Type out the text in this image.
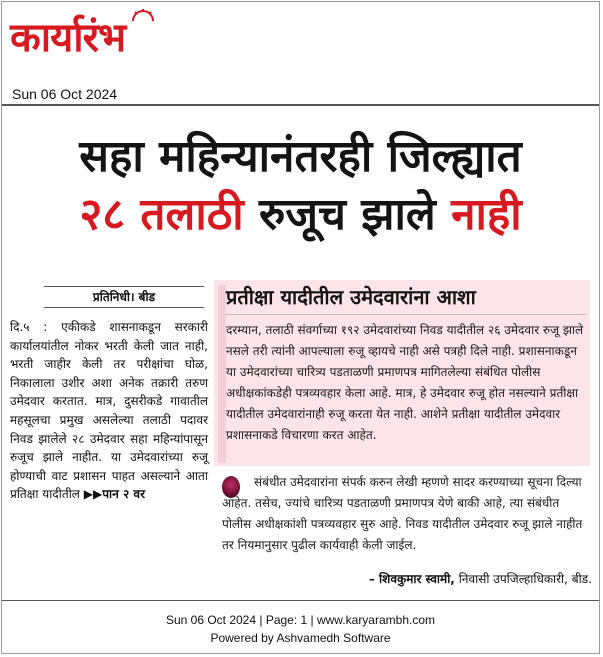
कार्यारंभ
Sun 06 Oct 2024
सहा महिन्यानंतरही जिल्ह्यात
२८ तलाठी रुजूच झाले नाही
प्रतिनिधी। बीड
दि.५ : एकीकडे शासनाकडून सरकारी कार्यालयांतील नोकर भरती केली जात नाही, भरती जाहीर केली तर परीक्षांचा घोळ, निकालाला उशीर अशा अनेक तक्रारी तरुण उमेदवार करतात. मात्र, दुसरीकडे गावातील महसूलचा प्रमुख असलेल्या तलाठी पदावर निवड झालेले २८ उमेदवार सहा महिन्यांपासून रुजूच झाले नाहीत. या उमेदवारांच्या रुजू होण्याची वाट प्रशासन पाहत असल्याने आता प्रतिक्षा यादीतील ▶▶पान २ वर
प्रतीक्षा यादीतील उमेदवारांना आशा
दरम्यान, तलाठी संवर्गाच्या १९२ उमेदवारांच्या निवड यादीतील २६ उमेदवार रुजू झाले नसले तरी त्यांनी आपल्याला रुजू व्हायचे नाही असे पत्रही दिले नाही. प्रशासनाकडून या उमेदवारांच्या चारित्र्य पडताळणी प्रमाणपत्र मागितलेल्या संबंधित पोलीस अधीक्षकांकडेही पत्रव्यवहार केला आहे. मात्र, हे उमेदवार रुजू होत नसल्याने प्रतीक्षा यादीतील उमेदवारांनाही रुजू करता येत नाही. आशेने प्रतीक्षा यादीतील उमेदवार प्रशासनाकडे विचारणा करत आहेत.
संबंधीत उमेदवारांना संपर्क करुन लेखी म्हणणे सादर करण्याच्या सूचना दिल्या आहेत. तसेच, ज्यांचे चारित्र्य पडताळणी प्रमाणपत्र येणे बाकी आहे, त्या संबंधीत पोलीस अधीक्षकांशी पत्रव्यवहार सुरु आहे. निवड यादीतील उमेदवार रुजू झाले नाहीत तर नियमानुसार पुढील कार्यवाही केली जाईल.
– शिवकुमार स्वामी, निवासी उपजिल्हाधिकारी, बीड.
Sun 06 Oct 2024 | Page: 1 | www.karyarambh.com
Powered by Ashvamedh Software
